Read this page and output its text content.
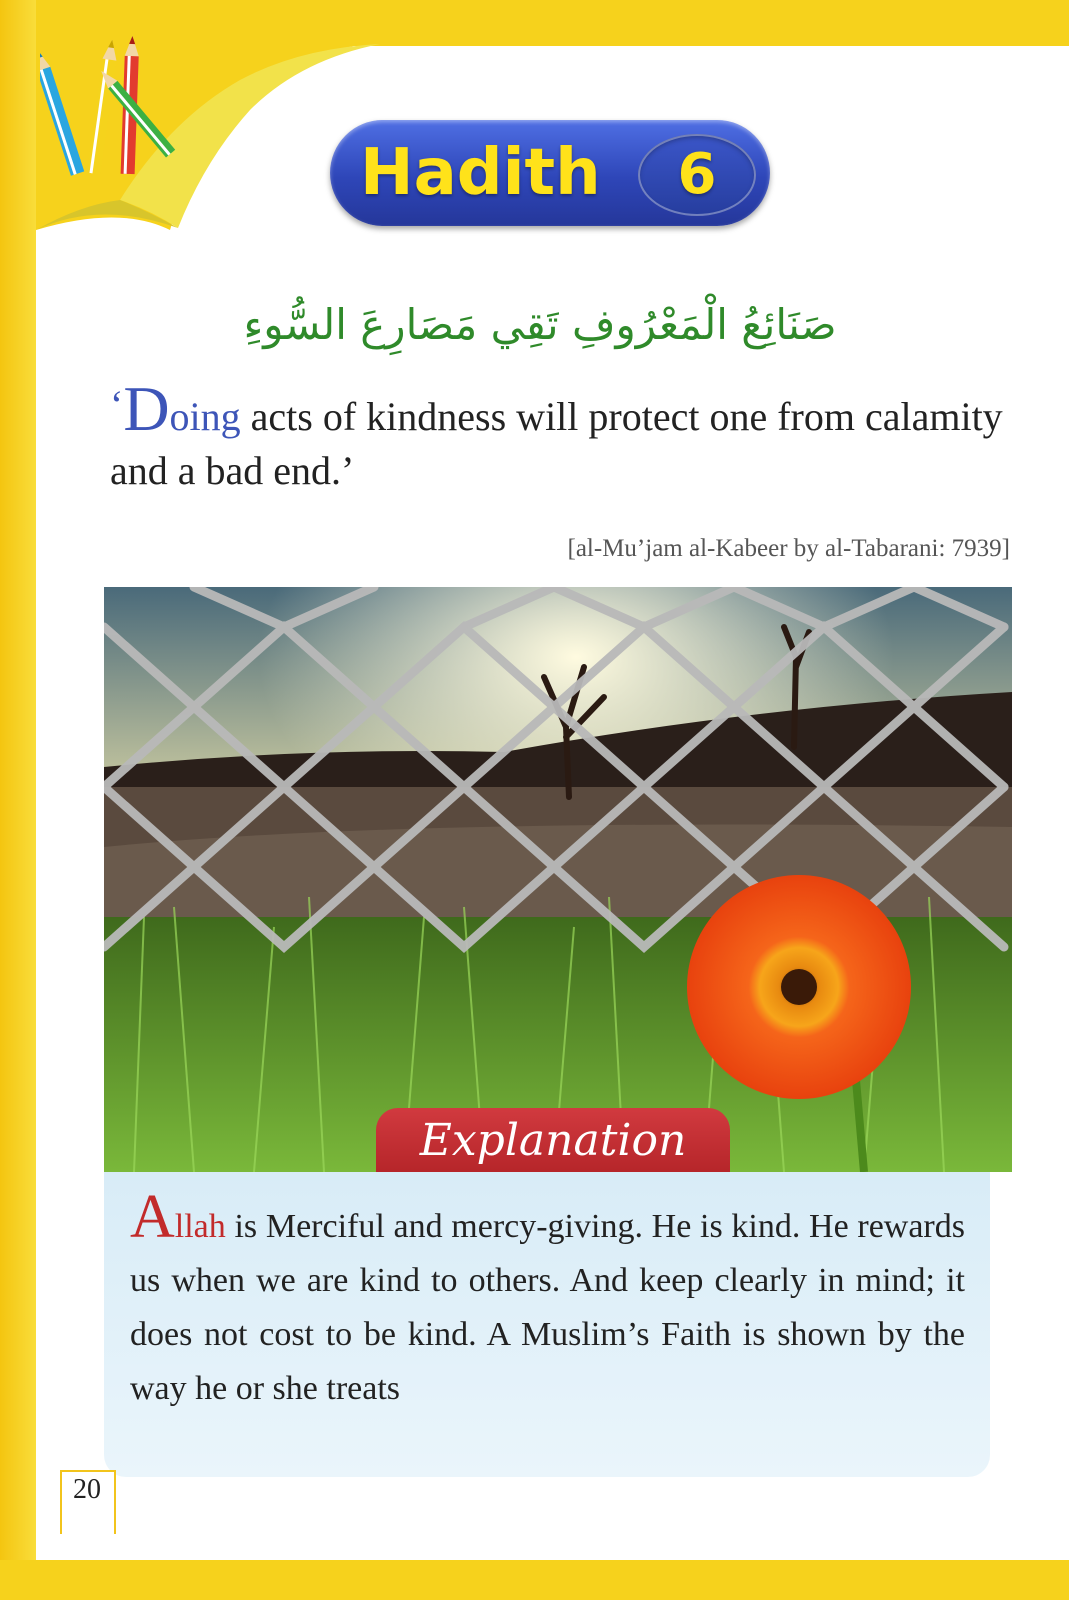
Hadith	6
صَنَائِعُ الْمَعْرُوفِ تَقِي مَصَارِعَ السُّوءِ
‘Doing acts of kindness will protect one from calamity and a bad end.’
[al-Mu’jam al-Kabeer by al-Tabarani: 7939]
Explanation
Allah is Merciful and mercy-giving. He is kind. He rewards us when we are kind to others. And keep clearly in mind; it does not cost to be kind. A Muslim’s Faith is shown by the way he or she treats
20
